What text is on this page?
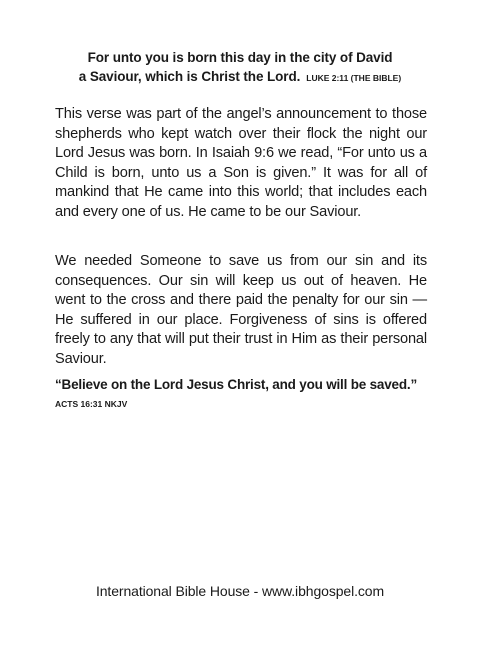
For unto you is born this day in the city of David
a Saviour, which is Christ the Lord. LUKE 2:11 (THE BIBLE)

This verse was part of the angel’s announcement to those shepherds who kept watch over their flock the night our Lord Jesus was born. In Isaiah 9:6 we read, “For unto us a Child is born, unto us a Son is given.” It was for all of mankind that He came into this world; that includes each and every one of us. He came to be our Saviour.

We needed Someone to save us from our sin and its consequences. Our sin will keep us out of heaven. He went to the cross and there paid the penalty for our sin — He suffered in our place. Forgiveness of sins is offered freely to any that will put their trust in Him as their personal Saviour.

“Believe on the Lord Jesus Christ, and you will be saved.”

ACTS 16:31 NKJV

International Bible House - www.ibhgospel.com
